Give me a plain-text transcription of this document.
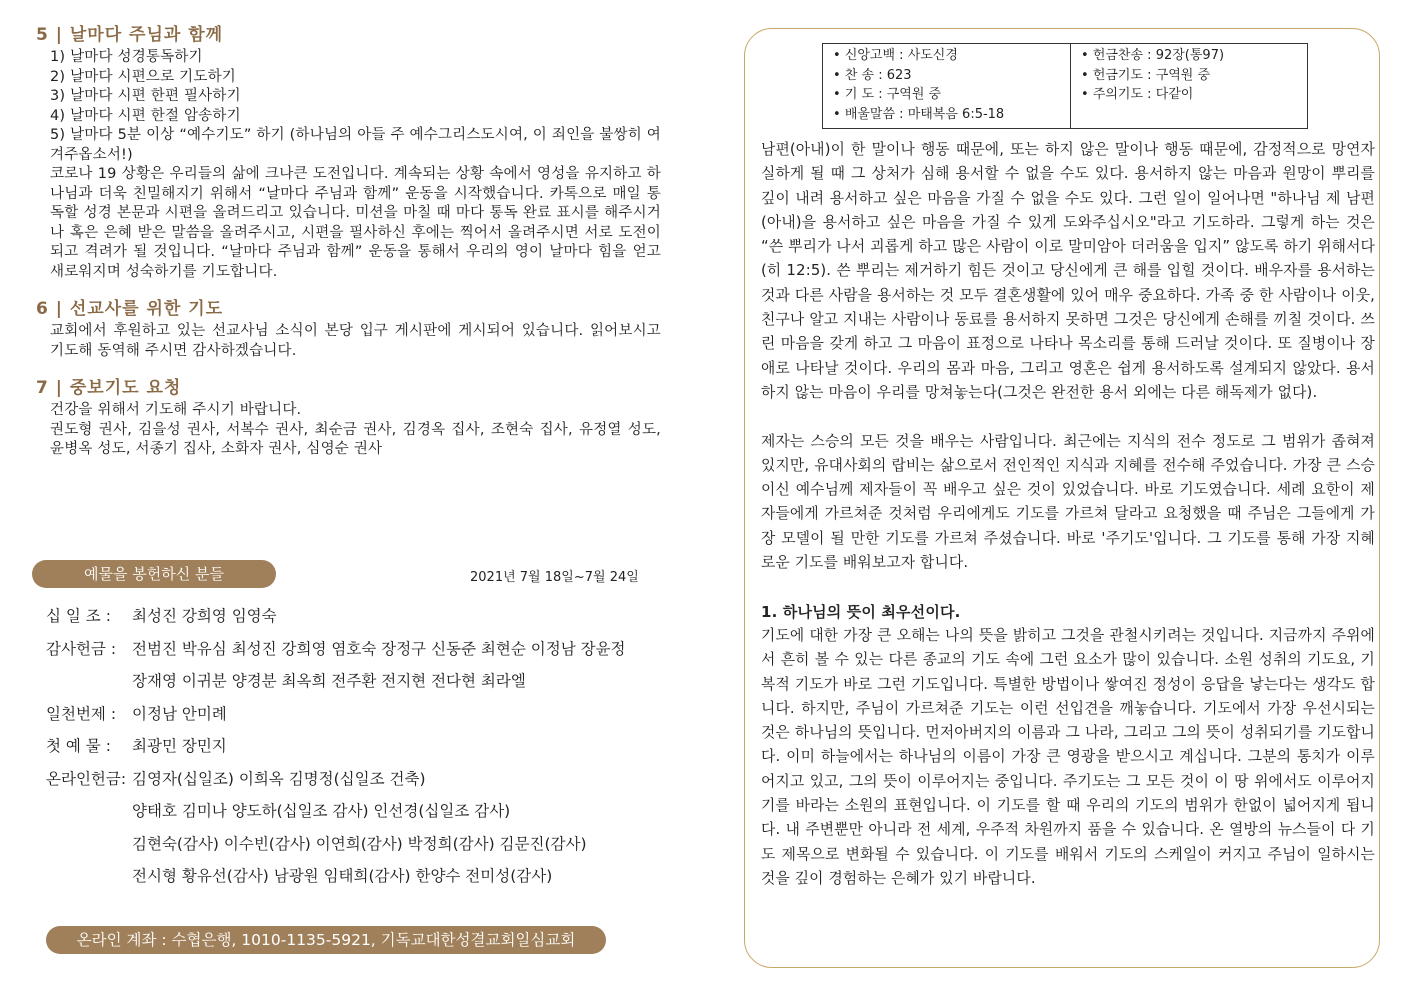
5 | 날마다 주님과 함께

1) 날마다 성경통독하기

2) 날마다 시편으로 기도하기

3) 날마다 시편 한편 필사하기

4) 날마다 시편 한절 암송하기

5) 날마다 5분 이상 “예수기도” 하기 (하나님의 아들 주 예수그리스도시여, 이 죄인을 불쌍히 여겨주옵소서!)

코로나 19 상황은 우리들의 삶에 크나큰 도전입니다. 계속되는 상황 속에서 영성을 유지하고 하나님과 더욱 친밀해지기 위해서 “날마다 주님과 함께” 운동을 시작했습니다. 카톡으로 매일 통독할 성경 본문과 시편을 올려드리고 있습니다. 미션을 마칠 때 마다 통독 완료 표시를 해주시거나 혹은 은혜 받은 말씀을 올려주시고, 시편을 필사하신 후에는 찍어서 올려주시면 서로 도전이 되고 격려가 될 것입니다. “날마다 주님과 함께” 운동을 통해서 우리의 영이 날마다 힘을 얻고 새로워지며 성숙하기를 기도합니다.

6 | 선교사를 위한 기도

교회에서 후원하고 있는 선교사님 소식이 본당 입구 게시판에 게시되어 있습니다. 읽어보시고 기도해 동역해 주시면 감사하겠습니다.

7 | 중보기도 요청

건강을 위해서 기도해 주시기 바랍니다.

권도형 권사, 김을성 권사, 서복수 권사, 최순금 권사, 김경옥 집사, 조현숙 집사, 유정열 성도, 윤병옥 성도, 서종기 집사, 소화자 권사, 심영순 권사

예물을 봉헌하신 분들	2021년 7월 18일~7월 24일
십 일 조 :	최성진 강희영 임영숙
감사헌금 :	전범진 박유심 최성진 강희영 염호숙 장정구 신동준 최현순 이정남 장윤정
장재영 이귀분 양경분 최옥희 전주환 전지현 전다현 최라엘
일천번제 :	이정남 안미례
첫 예 물 :	최광민 장민지
온라인헌금: 김영자(십일조) 이희옥 김명정(십일조 건축)
양태호 김미나 양도하(십일조 감사) 인선경(십일조 감사)
김현숙(감사) 이수빈(감사) 이연희(감사) 박정희(감사) 김문진(감사)
전시형 황유선(감사) 남광원 임태희(감사) 한양수 전미성(감사)
온라인 계좌 : 수협은행, 1010-1135-5921, 기독교대한성결교회일심교회
• 신앙고백 : 사도신경
• 찬 송 : 623
• 기 도 : 구역원 중
• 배울말씀 : 마태복음 6:5-18
• 헌금찬송 : 92장(통97)
• 헌금기도 : 구역원 중
• 주의기도 : 다같이

남편(아내)이 한 말이나 행동 때문에, 또는 하지 않은 말이나 행동 때문에, 감정적으로 망연자실하게 될 때 그 상처가 심해 용서할 수 없을 수도 있다. 용서하지 않는 마음과 원망이 뿌리를 깊이 내려 용서하고 싶은 마음을 가질 수 없을 수도 있다. 그런 일이 일어나면 "하나님 제 남편(아내)을 용서하고 싶은 마음을 가질 수 있게 도와주십시오"라고 기도하라. 그렇게 하는 것은 “쓴 뿌리가 나서 괴롭게 하고 많은 사람이 이로 말미암아 더러움을 입지” 않도록 하기 위해서다(히 12:5). 쓴 뿌리는 제거하기 힘든 것이고 당신에게 큰 해를 입힐 것이다. 배우자를 용서하는 것과 다른 사람을 용서하는 것 모두 결혼생활에 있어 매우 중요하다. 가족 중 한 사람이나 이웃, 친구나 알고 지내는 사람이나 동료를 용서하지 못하면 그것은 당신에게 손해를 끼칠 것이다. 쓰린 마음을 갖게 하고 그 마음이 표정으로 나타나 목소리를 통해 드러날 것이다. 또 질병이나 장애로 나타날 것이다. 우리의 몸과 마음, 그리고 영혼은 쉽게 용서하도록 설계되지 않았다. 용서하지 않는 마음이 우리를 망쳐놓는다(그것은 완전한 용서 외에는 다른 해독제가 없다).

제자는 스승의 모든 것을 배우는 사람입니다. 최근에는 지식의 전수 정도로 그 범위가 좁혀져 있지만, 유대사회의 랍비는 삶으로서 전인적인 지식과 지혜를 전수해 주었습니다. 가장 큰 스승이신 예수님께 제자들이 꼭 배우고 싶은 것이 있었습니다. 바로 기도였습니다. 세례 요한이 제자들에게 가르쳐준 것처럼 우리에게도 기도를 가르쳐 달라고 요청했을 때 주님은 그들에게 가장 모델이 될 만한 기도를 가르쳐 주셨습니다. 바로 '주기도'입니다. 그 기도를 통해 가장 지혜로운 기도를 배워보고자 합니다.

1. 하나님의 뜻이 최우선이다.

기도에 대한 가장 큰 오해는 나의 뜻을 밝히고 그것을 관철시키려는 것입니다. 지금까지 주위에서 흔히 볼 수 있는 다른 종교의 기도 속에 그런 요소가 많이 있습니다. 소원 성취의 기도요, 기복적 기도가 바로 그런 기도입니다. 특별한 방법이나 쌓여진 정성이 응답을 낳는다는 생각도 합니다. 하지만, 주님이 가르쳐준 기도는 이런 선입견을 깨놓습니다. 기도에서 가장 우선시되는 것은 하나님의 뜻입니다. 먼저아버지의 이름과 그 나라, 그리고 그의 뜻이 성취되기를 기도합니다. 이미 하늘에서는 하나님의 이름이 가장 큰 영광을 받으시고 계십니다. 그분의 통치가 이루어지고 있고, 그의 뜻이 이루어지는 중입니다. 주기도는 그 모든 것이 이 땅 위에서도 이루어지기를 바라는 소원의 표현입니다. 이 기도를 할 때 우리의 기도의 범위가 한없이 넓어지게 됩니다. 내 주변뿐만 아니라 전 세계, 우주적 차원까지 품을 수 있습니다. 온 열방의 뉴스들이 다 기도 제목으로 변화될 수 있습니다. 이 기도를 배워서 기도의 스케일이 커지고 주님이 일하시는 것을 깊이 경험하는 은혜가 있기 바랍니다.
